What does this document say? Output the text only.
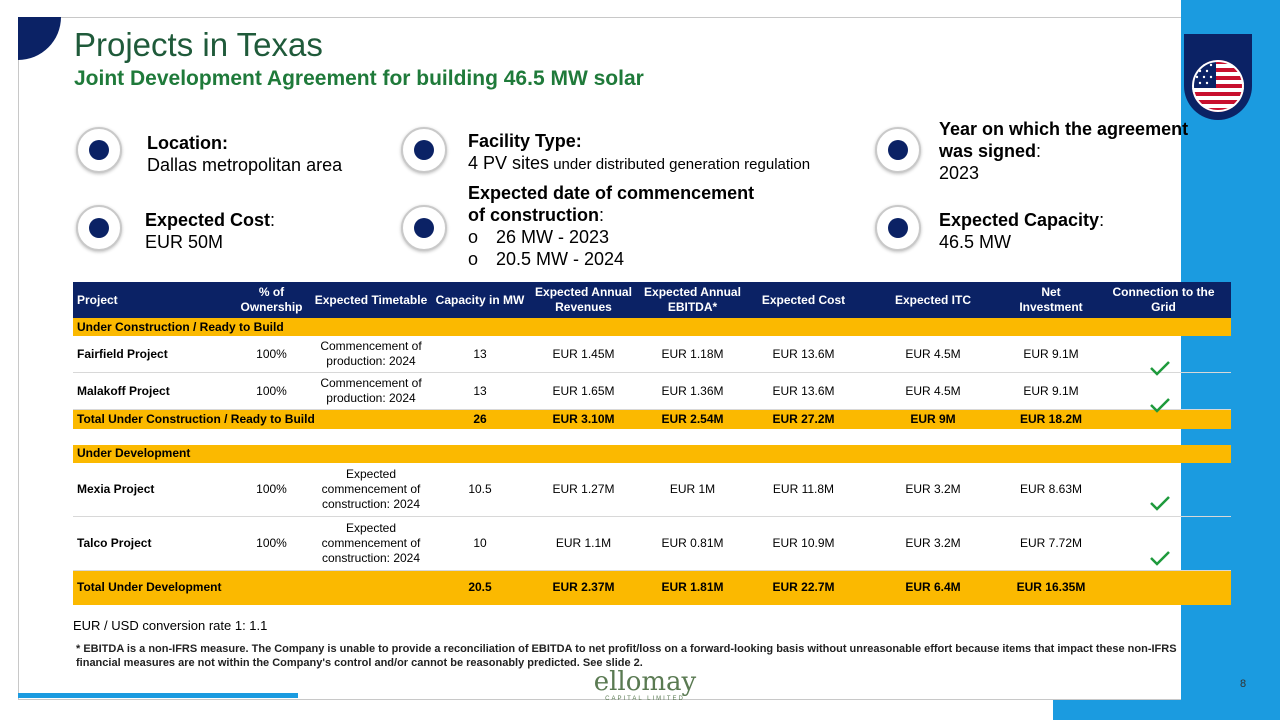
Projects in Texas
Joint Development Agreement for building 46.5 MW solar
Location:
Dallas metropolitan area
Expected Cost:
EUR 50M
Facility Type:
4 PV sites under distributed generation regulation
Expected date of commencement
of construction:
o 26 MW - 2023
o 20.5 MW - 2024
Year on which the agreement
was signed:
2023
Expected Capacity:
46.5 MW
Project	% of Ownership	Expected Timetable	Capacity in MW	Expected Annual Revenues	Expected Annual EBITDA*	Expected Cost	Expected ITC	Net Investment	Connection to the Grid
Under Construction / Ready to Build									
Fairfield Project	100%	Commencement of production: 2024	13	EUR 1.45M	EUR 1.18M	EUR 13.6M	EUR 4.5M	EUR 9.1M	
Malakoff Project	100%	Commencement of production: 2024	13	EUR 1.65M	EUR 1.36M	EUR 13.6M	EUR 4.5M	EUR 9.1M	
Total Under Construction / Ready to Build			26	EUR 3.10M	EUR 2.54M	EUR 27.2M	EUR 9M	EUR 18.2M	

Under Development									
Mexia Project	100%	Expected commencement of construction: 2024	10.5	EUR 1.27M	EUR 1M	EUR 11.8M	EUR 3.2M	EUR 8.63M	
Talco Project	100%	Expected commencement of construction: 2024	10	EUR 1.1M	EUR 0.81M	EUR 10.9M	EUR 3.2M	EUR 7.72M	
Total Under Development			20.5	EUR 2.37M	EUR 1.81M	EUR 22.7M	EUR 6.4M	EUR 16.35M	
EUR / USD conversion rate 1: 1.1
* EBITDA is a non-IFRS measure. The Company is unable to provide a reconciliation of EBITDA to net profit/loss on a forward-looking basis without unreasonable effort because items that impact these non-IFRS financial measures are not within the Company's control and/or cannot be reasonably predicted. See slide 2.
ellomay
CAPITAL LIMITED
8
